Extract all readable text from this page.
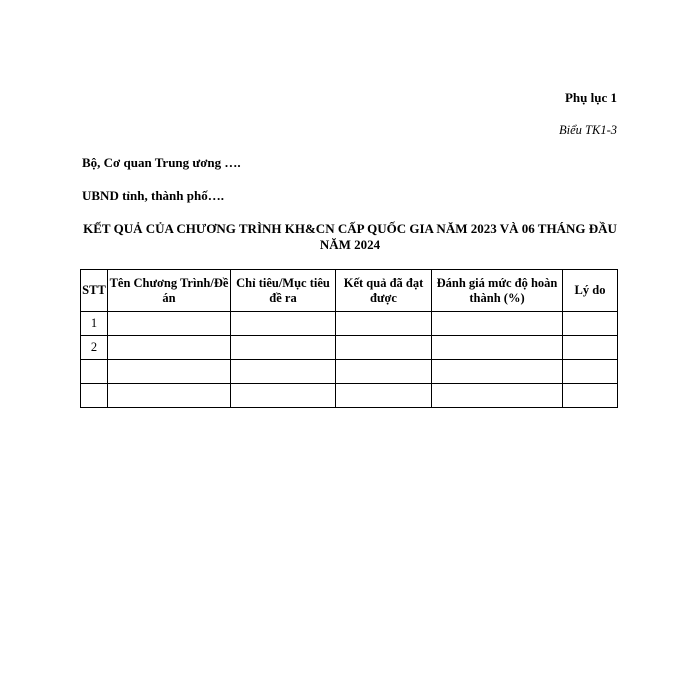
Phụ lục 1
Biểu TK1-3
Bộ, Cơ quan Trung ương ….
UBND tỉnh, thành phố….
KẾT QUẢ CỦA CHƯƠNG TRÌNH KH&CN CẤP QUỐC GIA NĂM 2023 VÀ 06 THÁNG ĐẦU NĂM 2024
STT	Tên Chương Trình/Đề án	Chỉ tiêu/Mục tiêu đề ra	Kết quả đã đạt được	Đánh giá mức độ hoàn thành (%)	Lý do
1					
2					
